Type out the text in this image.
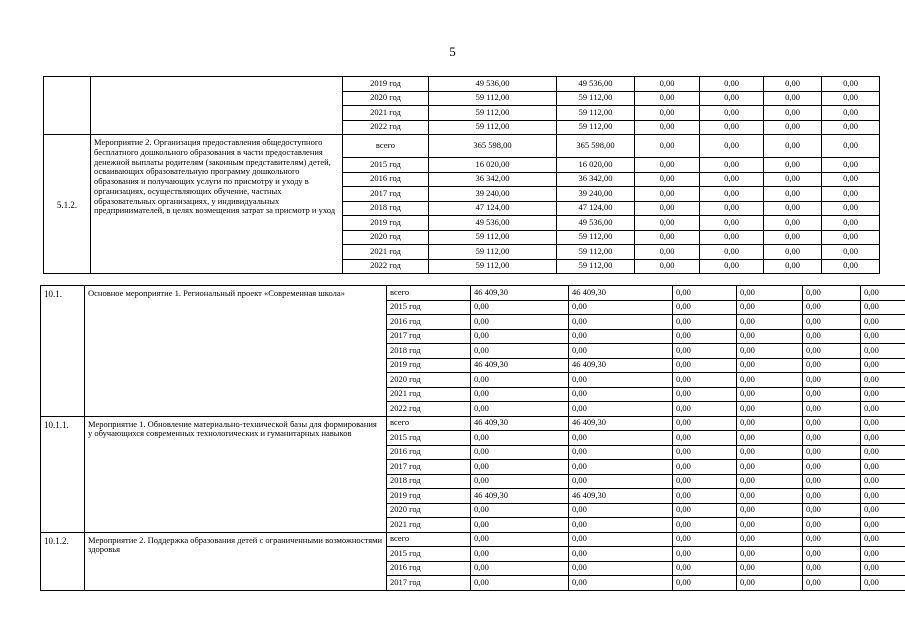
5
		2019 год	49 536,00	49 536,00	0,00	0,00	0,00	0,00
		2020 год	59 112,00	59 112,00	0,00	0,00	0,00	0,00
		2021 год	59 112,00	59 112,00	0,00	0,00	0,00	0,00
		2022 год	59 112,00	59 112,00	0,00	0,00	0,00	0,00
5.1.2.	Мероприятие 2. Организация предоставления общедоступного бесплатного дошкольного образования в части предоставления денежной выплаты родителям (законным представителям) детей, осваивающих образовательную программу дошкольного образования и получающих услуги по присмотру и уходу в организациях, осуществляющих обучение, частных образовательных организациях, у индивидуальных предпринимателей, в целях возмещения затрат за присмотр и уход	всего	365 598,00	365 598,00	0,00	0,00	0,00	0,00
		2015 год	16 020,00	16 020,00	0,00	0,00	0,00	0,00
		2016 год	36 342,00	36 342,00	0,00	0,00	0,00	0,00
		2017 год	39 240,00	39 240,00	0,00	0,00	0,00	0,00
		2018 год	47 124,00	47 124,00	0,00	0,00	0,00	0,00
		2019 год	49 536,00	49 536,00	0,00	0,00	0,00	0,00
		2020 год	59 112,00	59 112,00	0,00	0,00	0,00	0,00
		2021 год	59 112,00	59 112,00	0,00	0,00	0,00	0,00
		2022 год	59 112,00	59 112,00	0,00	0,00	0,00	0,00
10.1.	Основное мероприятие 1. Региональный проект «Современная школа»	всего	46 409,30	46 409,30	0,00	0,00	0,00	0,00
		2015 год	0,00	0,00	0,00	0,00	0,00	0,00
		2016 год	0,00	0,00	0,00	0,00	0,00	0,00
		2017 год	0,00	0,00	0,00	0,00	0,00	0,00
		2018 год	0,00	0,00	0,00	0,00	0,00	0,00
		2019 год	46 409,30	46 409,30	0,00	0,00	0,00	0,00
		2020 год	0,00	0,00	0,00	0,00	0,00	0,00
		2021 год	0,00	0,00	0,00	0,00	0,00	0,00
		2022 год	0,00	0,00	0,00	0,00	0,00	0,00
10.1.1.	Мероприятие 1. Обновление материально-технической базы для формирования у обучающихся современных технологических и гуманитарных навыков	всего	46 409,30	46 409,30	0,00	0,00	0,00	0,00
		2015 год	0,00	0,00	0,00	0,00	0,00	0,00
		2016 год	0,00	0,00	0,00	0,00	0,00	0,00
		2017 год	0,00	0,00	0,00	0,00	0,00	0,00
		2018 год	0,00	0,00	0,00	0,00	0,00	0,00
		2019 год	46 409,30	46 409,30	0,00	0,00	0,00	0,00
		2020 год	0,00	0,00	0,00	0,00	0,00	0,00
		2021 год	0,00	0,00	0,00	0,00	0,00	0,00
10.1.2.	Мероприятие 2. Поддержка образования детей с ограниченными возможностями здоровья	всего	0,00	0,00	0,00	0,00	0,00	0,00
		2015 год	0,00	0,00	0,00	0,00	0,00	0,00
		2016 год	0,00	0,00	0,00	0,00	0,00	0,00
		2017 год	0,00	0,00	0,00	0,00	0,00	0,00
